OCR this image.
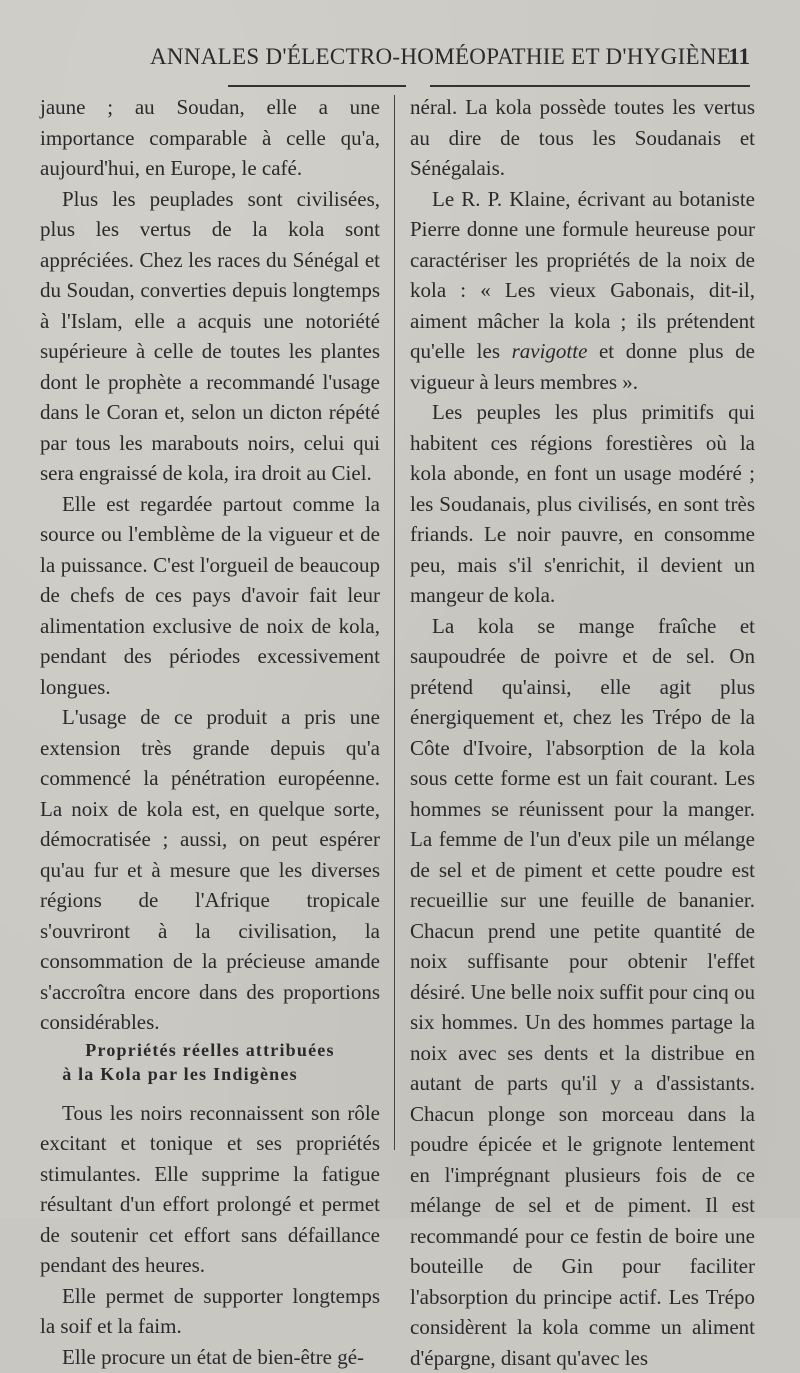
ANNALES D'ÉLECTRO-HOMÉOPATHIE ET D'HYGIÈNE
11

jaune ; au Soudan, elle a une importance comparable à celle qu'a, aujourd'hui, en Europe, le café.

Plus les peuplades sont civilisées, plus les vertus de la kola sont appréciées. Chez les races du Sénégal et du Soudan, converties depuis longtemps à l'Islam, elle a acquis une notoriété supérieure à celle de toutes les plantes dont le prophète a recommandé l'usage dans le Coran et, selon un dicton répété par tous les marabouts noirs, celui qui sera engraissé de kola, ira droit au Ciel.

Elle est regardée partout comme la source ou l'emblème de la vigueur et de la puissance. C'est l'orgueil de beaucoup de chefs de ces pays d'avoir fait leur alimentation exclusive de noix de kola, pendant des périodes excessivement longues.

L'usage de ce produit a pris une extension très grande depuis qu'a commencé la pénétration européenne. La noix de kola est, en quelque sorte, démocratisée ; aussi, on peut espérer qu'au fur et à mesure que les diverses régions de l'Afrique tropicale s'ouvriront à la civilisation, la consommation de la précieuse amande s'accroîtra encore dans des proportions considérables.

Propriétés réelles attribuées
à la Kola par les Indigènes

Tous les noirs reconnaissent son rôle excitant et tonique et ses propriétés stimulantes. Elle supprime la fatigue résultant d'un effort prolongé et permet de soutenir cet effort sans défaillance pendant des heures.

Elle permet de supporter longtemps la soif et la faim.

Elle procure un état de bien-être gé-

néral. La kola possède toutes les vertus au dire de tous les Soudanais et Sénégalais.

Le R. P. Klaine, écrivant au botaniste Pierre donne une formule heureuse pour caractériser les propriétés de la noix de kola : « Les vieux Gabonais, dit-il, aiment mâcher la kola ; ils prétendent qu'elle les ravigotte et donne plus de vigueur à leurs membres ».

Les peuples les plus primitifs qui habitent ces régions forestières où la kola abonde, en font un usage modéré ; les Soudanais, plus civilisés, en sont très friands. Le noir pauvre, en consomme peu, mais s'il s'enrichit, il devient un mangeur de kola.

La kola se mange fraîche et saupoudrée de poivre et de sel. On prétend qu'ainsi, elle agit plus énergiquement et, chez les Trépo de la Côte d'Ivoire, l'absorption de la kola sous cette forme est un fait courant. Les hommes se réunissent pour la manger. La femme de l'un d'eux pile un mélange de sel et de piment et cette poudre est recueillie sur une feuille de bananier. Chacun prend une petite quantité de noix suffisante pour obtenir l'effet désiré. Une belle noix suffit pour cinq ou six hommes. Un des hommes partage la noix avec ses dents et la distribue en autant de parts qu'il y a d'assistants. Chacun plonge son morceau dans la poudre épicée et le grignote lentement en l'imprégnant plusieurs fois de ce mélange de sel et de piment. Il est recommandé pour ce festin de boire une bouteille de Gin pour faciliter l'absorption du principe actif. Les Trépo considèrent la kola comme un aliment d'épargne, disant qu'avec les
